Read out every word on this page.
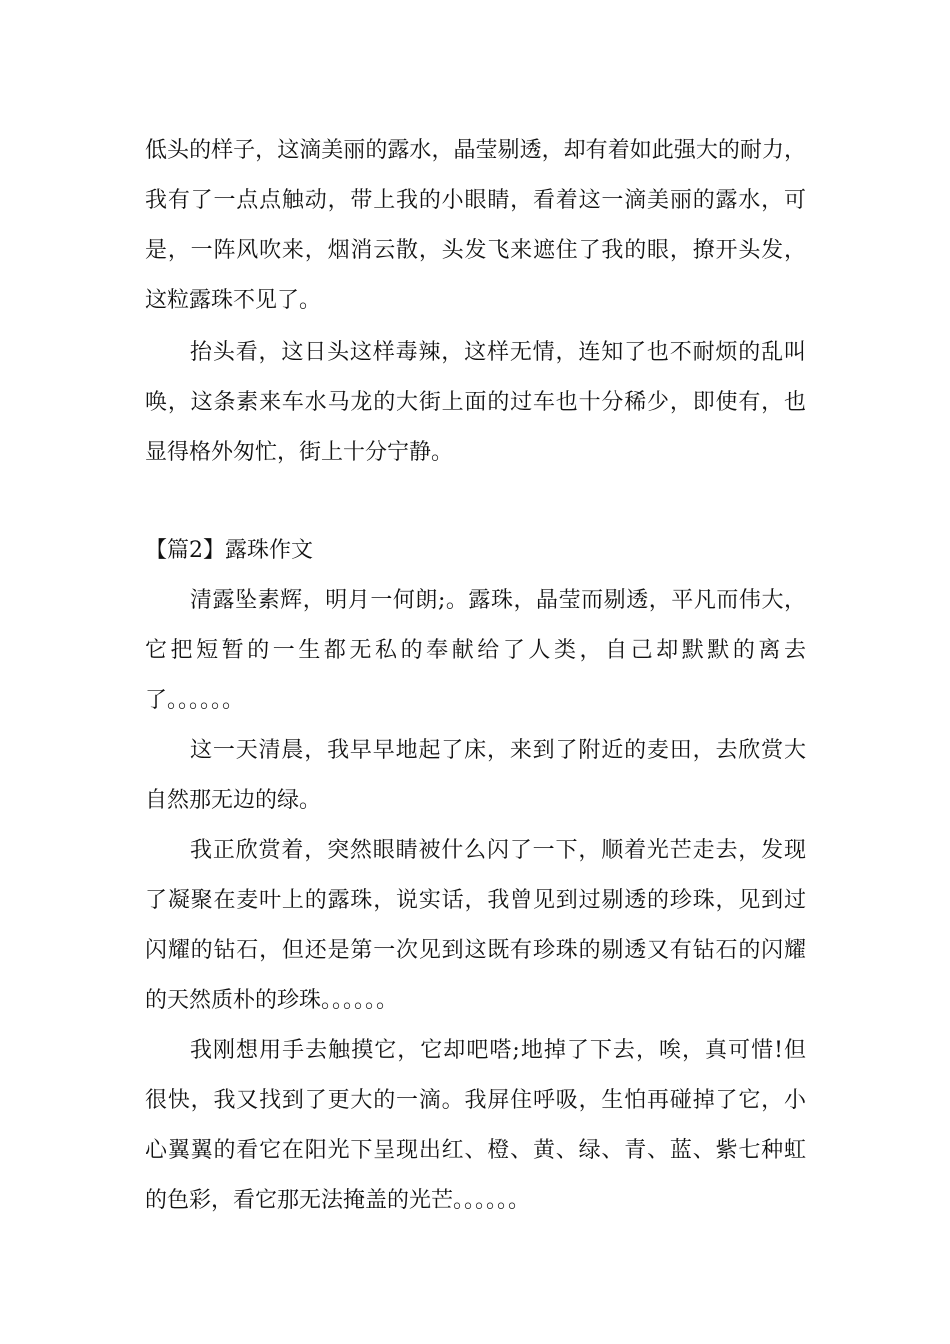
低头的样子，这滴美丽的露水，晶莹剔透，却有着如此强大的耐力，
我有了一点点触动，带上我的小眼睛，看着这一滴美丽的露水，可
是，一阵风吹来，烟消云散，头发飞来遮住了我的眼，撩开头发，
这粒露珠不见了。
抬头看，这日头这样毒辣，这样无情，连知了也不耐烦的乱叫
唤，这条素来车水马龙的大街上面的过车也十分稀少，即使有，也
显得格外匆忙，街上十分宁静。
【篇2】露珠作文
清露坠素辉，明月一何朗;。露珠，晶莹而剔透，平凡而伟大，
它把短暂的一生都无私的奉献给了人类，自己却默默的离去
了。。。。。。
这一天清晨，我早早地起了床，来到了附近的麦田，去欣赏大
自然那无边的绿。
我正欣赏着，突然眼睛被什么闪了一下，顺着光芒走去，发现
了凝聚在麦叶上的露珠，说实话，我曾见到过剔透的珍珠，见到过
闪耀的钻石，但还是第一次见到这既有珍珠的剔透又有钻石的闪耀
的天然质朴的珍珠。。。。。。
我刚想用手去触摸它，它却吧嗒;地掉了下去，唉，真可惜!但
很快，我又找到了更大的一滴。我屏住呼吸，生怕再碰掉了它，小
心翼翼的看它在阳光下呈现出红、橙、黄、绿、青、蓝、紫七种虹
的色彩，看它那无法掩盖的光芒。。。。。。
